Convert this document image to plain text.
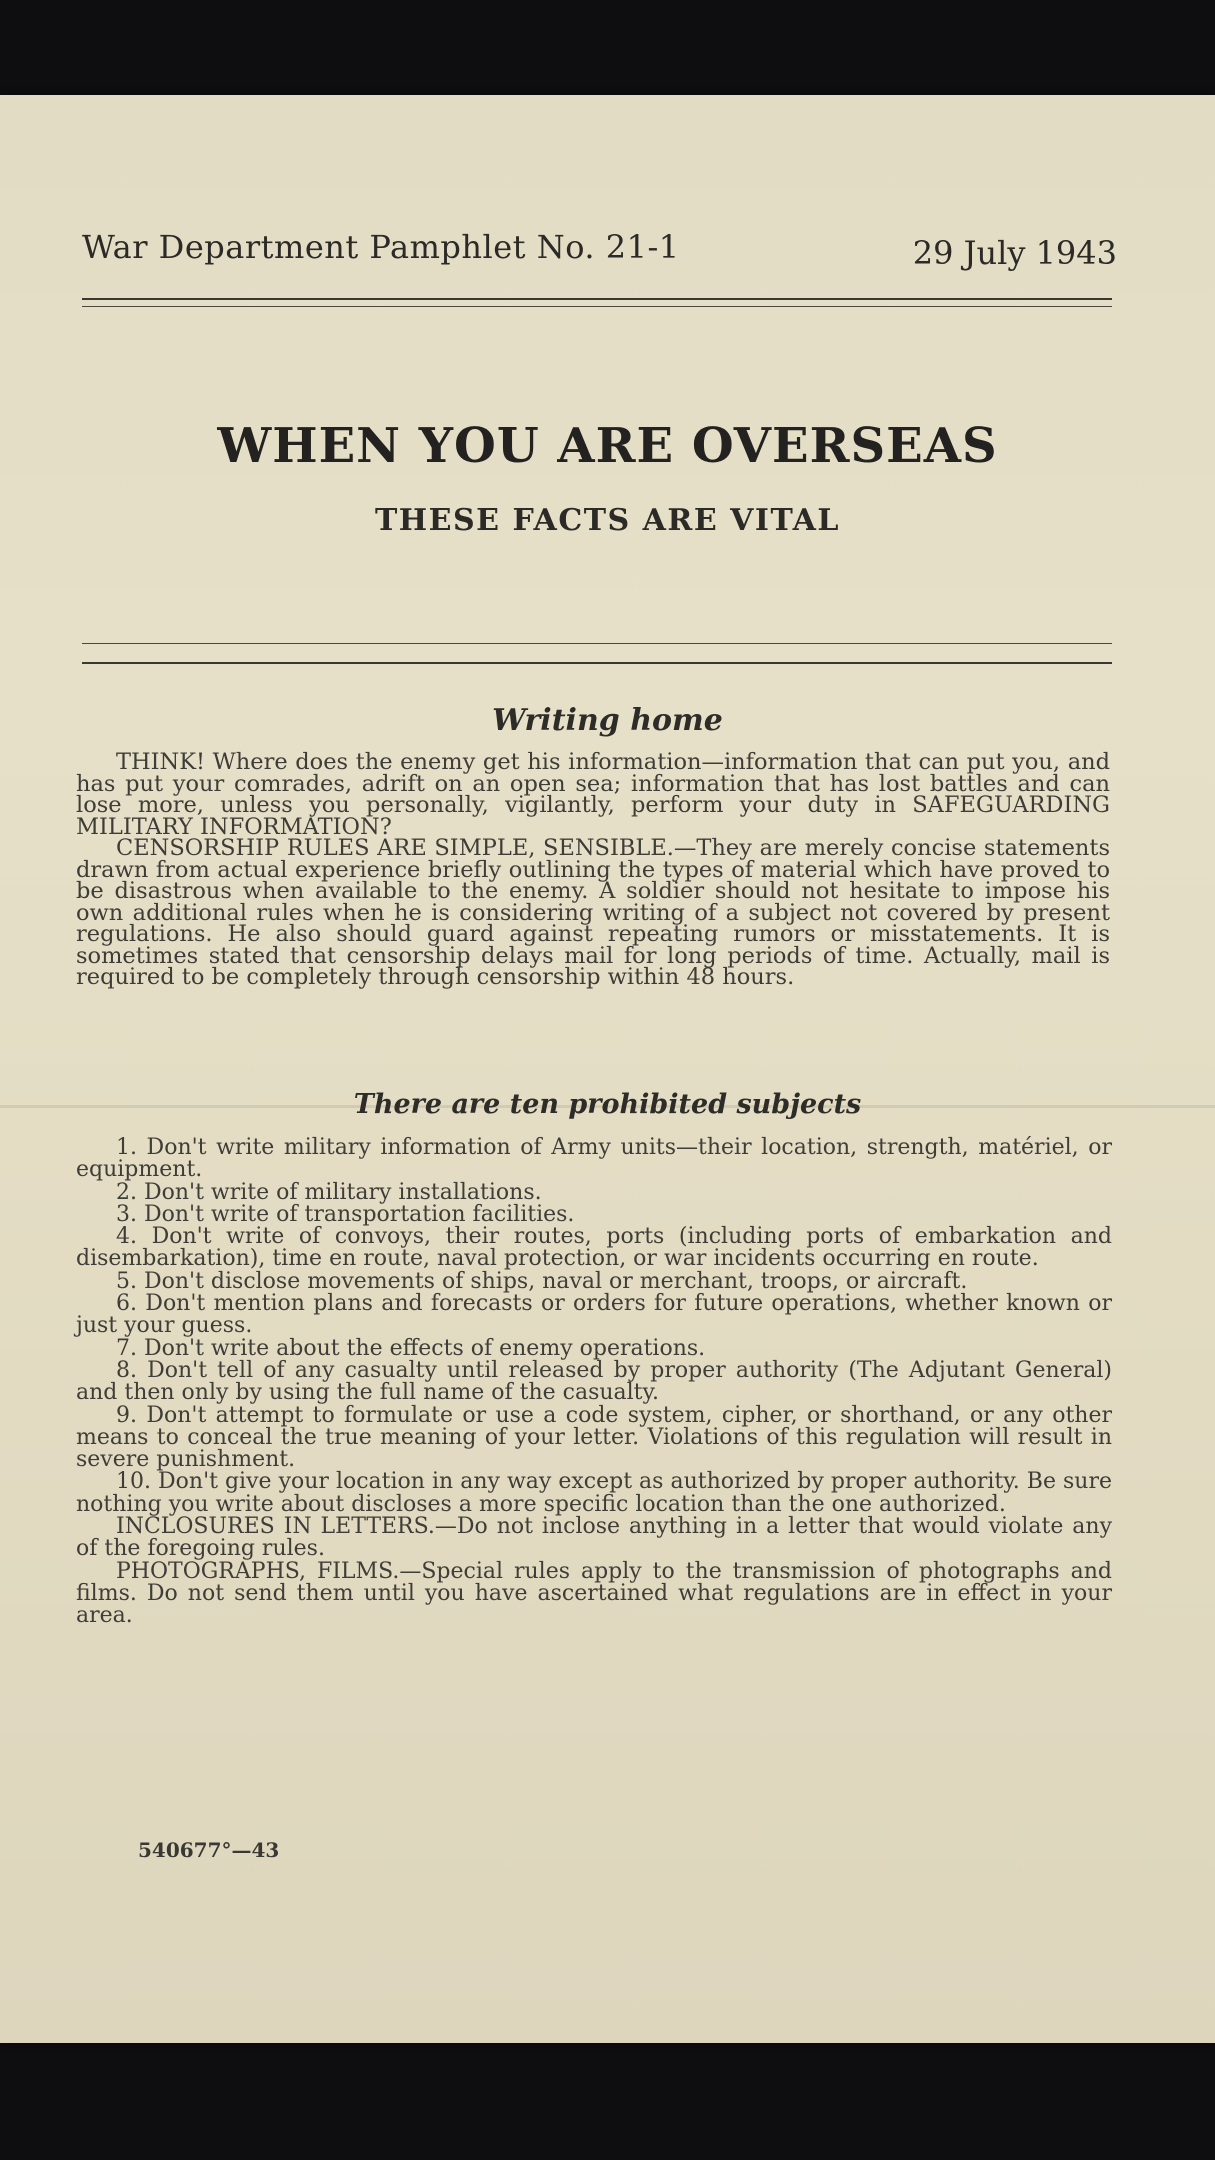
War Department Pamphlet No. 21-1	29 July 1943
WHEN YOU ARE OVERSEAS
THESE FACTS ARE VITAL
Writing home

THINK! Where does the enemy get his information—information that can put you, and has put your comrades, adrift on an open sea; information that has lost battles and can lose more, unless you personally, vigilantly, perform your duty in SAFEGUARDING MILITARY INFORMATION?

CENSORSHIP RULES ARE SIMPLE, SENSIBLE.—They are merely concise statements drawn from actual experience briefly outlining the types of material which have proved to be disastrous when available to the enemy. A soldier should not hesitate to impose his own additional rules when he is considering writing of a subject not covered by present regulations. He also should guard against repeating rumors or misstatements. It is sometimes stated that censorship delays mail for long periods of time. Actually, mail is required to be completely through censorship within 48 hours.

There are ten prohibited subjects

1. Don't write military information of Army units—their location, strength, matériel, or equipment.

2. Don't write of military installations.

3. Don't write of transportation facilities.

4. Don't write of convoys, their routes, ports (including ports of embarkation and disembarkation), time en route, naval protection, or war incidents occurring en route.

5. Don't disclose movements of ships, naval or merchant, troops, or aircraft.

6. Don't mention plans and forecasts or orders for future operations, whether known or just your guess.

7. Don't write about the effects of enemy operations.

8. Don't tell of any casualty until released by proper authority (The Adjutant General) and then only by using the full name of the casualty.

9. Don't attempt to formulate or use a code system, cipher, or shorthand, or any other means to conceal the true meaning of your letter. Violations of this regulation will result in severe punishment.

10. Don't give your location in any way except as authorized by proper authority. Be sure nothing you write about discloses a more specific location than the one authorized.

INCLOSURES IN LETTERS.—Do not inclose anything in a letter that would violate any of the foregoing rules.

PHOTOGRAPHS, FILMS.—Special rules apply to the transmission of photographs and films. Do not send them until you have ascertained what regulations are in effect in your area.

540677°—43
